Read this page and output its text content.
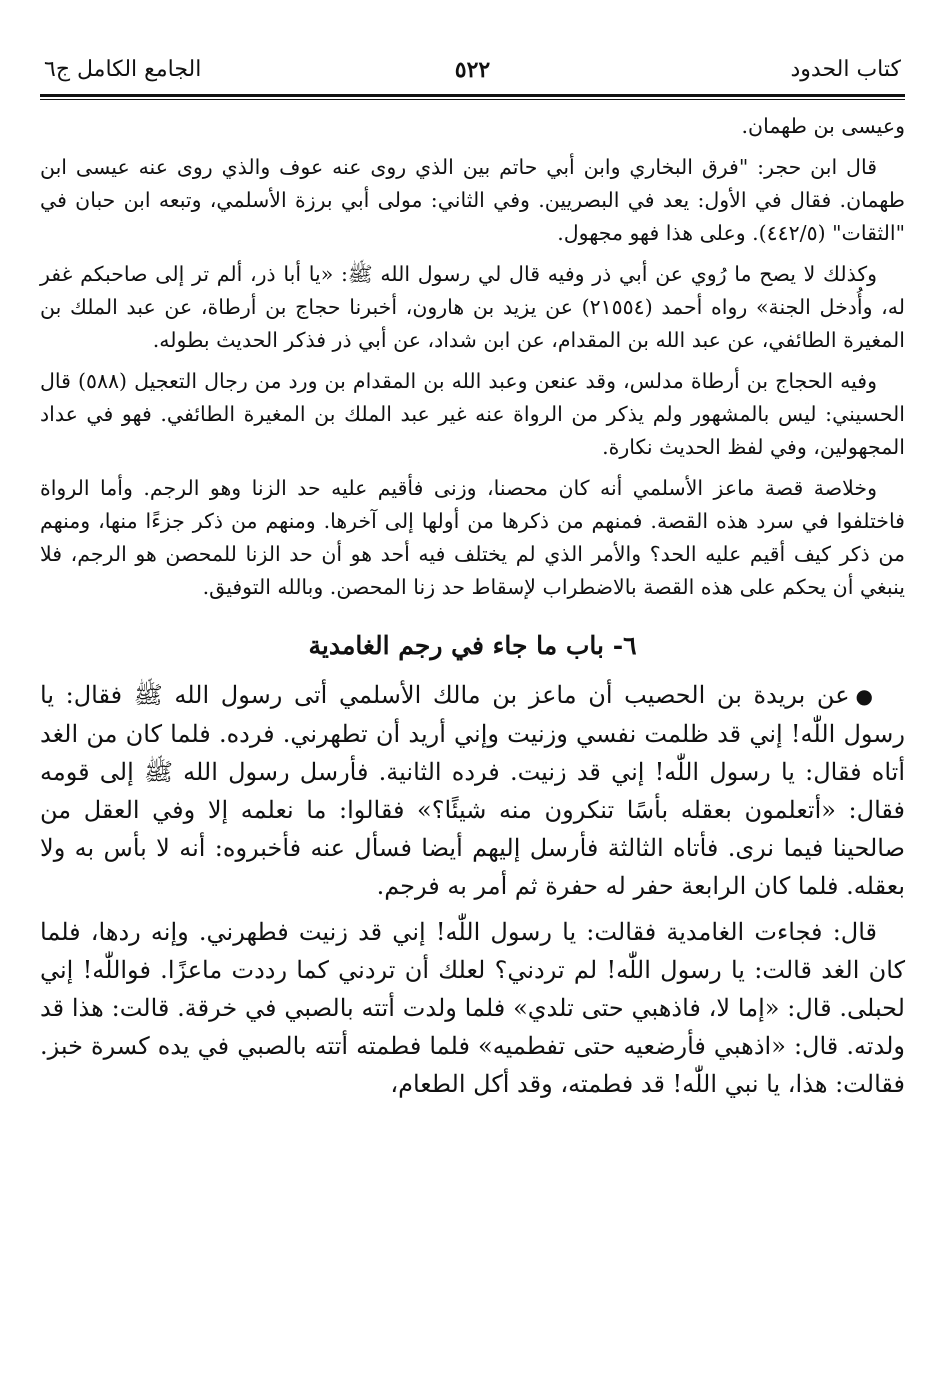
كتاب الحدود
٥٢٢
الجامع الكامل ج٦

وعيسى بن طهمان.

قال ابن حجر: "فرق البخاري وابن أبي حاتم بين الذي روى عنه عوف والذي روى عنه عيسى ابن طهمان. فقال في الأول: يعد في البصريين. وفي الثاني: مولى أبي برزة الأسلمي، وتبعه ابن حبان في "الثقات" (٤٤٢/٥). وعلى هذا فهو مجهول.

وكذلك لا يصح ما رُوي عن أبي ذر وفيه قال لي رسول الله ﷺ: «يا أبا ذر، ألم تر إلى صاحبكم غفر له، وأُدخل الجنة» رواه أحمد (٢١٥٥٤) عن يزيد بن هارون، أخبرنا حجاج بن أرطاة، عن عبد الملك بن المغيرة الطائفي، عن عبد الله بن المقدام، عن ابن شداد، عن أبي ذر فذكر الحديث بطوله.

وفيه الحجاج بن أرطاة مدلس، وقد عنعن وعبد الله بن المقدام بن ورد من رجال التعجيل (٥٨٨) قال الحسيني: ليس بالمشهور ولم يذكر من الرواة عنه غير عبد الملك بن المغيرة الطائفي. فهو في عداد المجهولين، وفي لفظ الحديث نكارة.

وخلاصة قصة ماعز الأسلمي أنه كان محصنا، وزنى فأقيم عليه حد الزنا وهو الرجم. وأما الرواة فاختلفوا في سرد هذه القصة. فمنهم من ذكرها من أولها إلى آخرها. ومنهم من ذكر جزءًا منها، ومنهم من ذكر كيف أقيم عليه الحد؟ والأمر الذي لم يختلف فيه أحد هو أن حد الزنا للمحصن هو الرجم، فلا ينبغي أن يحكم على هذه القصة بالاضطراب لإسقاط حد زنا المحصن. وبالله التوفيق.

٦- باب ما جاء في رجم الغامدية

●عن بريدة بن الحصيب أن ماعز بن مالك الأسلمي أتى رسول الله ﷺ فقال: يا رسول اللّٰه! إني قد ظلمت نفسي وزنيت وإني أريد أن تطهرني. فرده. فلما كان من الغد أتاه فقال: يا رسول اللّٰه! إني قد زنيت. فرده الثانية. فأرسل رسول الله ﷺ إلى قومه فقال: «أتعلمون بعقله بأسًا تنكرون منه شيئًا؟» فقالوا: ما نعلمه إلا وفي العقل من صالحينا فيما نرى. فأتاه الثالثة فأرسل إليهم أيضا فسأل عنه فأخبروه: أنه لا بأس به ولا بعقله. فلما كان الرابعة حفر له حفرة ثم أمر به فرجم.

قال: فجاءت الغامدية فقالت: يا رسول اللّٰه! إني قد زنيت فطهرني. وإنه ردها، فلما كان الغد قالت: يا رسول اللّٰه! لم تردني؟ لعلك أن تردني كما رددت ماعزًا. فواللّٰه! إني لحبلى. قال: «إما لا، فاذهبي حتى تلدي» فلما ولدت أتته بالصبي في خرقة. قالت: هذا قد ولدته. قال: «اذهبي فأرضعيه حتى تفطميه» فلما فطمته أتته بالصبي في يده كسرة خبز. فقالت: هذا، يا نبي اللّٰه! قد فطمته، وقد أكل الطعام،
